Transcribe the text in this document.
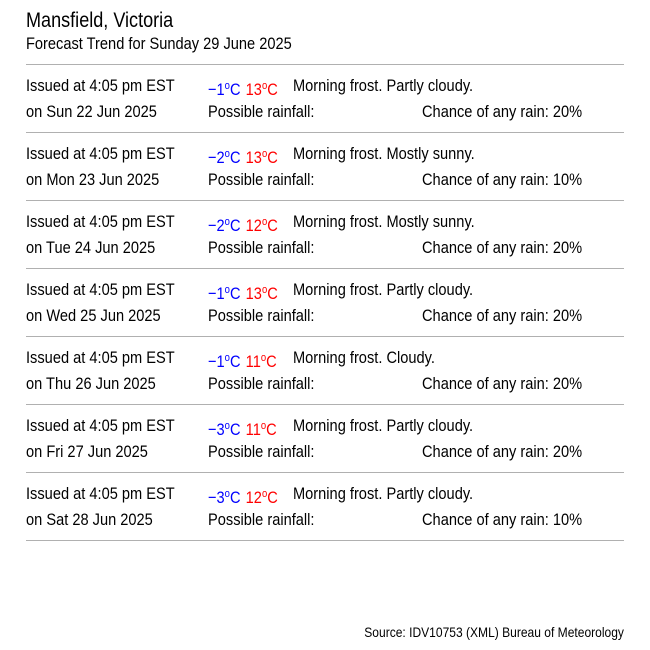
Mansfield, Victoria
Forecast Trend for Sunday 29 June 2025
Issued at 4:05 pm EST	$-1^oC$ 13$^o$C Morning frost. Partly cloudy.
on Sun 22 Jun 2025	Possible rainfall:	Chance of any rain: 20%
Issued at 4:05 pm EST	$-2^oC$ 13$^o$C Morning frost. Mostly sunny.
on Mon 23 Jun 2025	Possible rainfall:	Chance of any rain: 10%
Issued at 4:05 pm EST	$-2^oC$ 12$^o$C Morning frost. Mostly sunny.
on Tue 24 Jun 2025	Possible rainfall:	Chance of any rain: 20%
Issued at 4:05 pm EST	$-1^oC$ 13$^o$C Morning frost. Partly cloudy.
on Wed 25 Jun 2025	Possible rainfall:	Chance of any rain: 20%
Issued at 4:05 pm EST	$-1^oC$ 11$^o$C Morning frost. Cloudy.
on Thu 26 Jun 2025	Possible rainfall:	Chance of any rain: 20%
Issued at 4:05 pm EST	$-3^oC$ 11$^o$C Morning frost. Partly cloudy.
on Fri 27 Jun 2025	Possible rainfall:	Chance of any rain: 20%
Issued at 4:05 pm EST	$-3^oC$ 12$^o$C Morning frost. Partly cloudy.
on Sat 28 Jun 2025	Possible rainfall:	Chance of any rain: 10%
Source: IDV10753 (XML) Bureau of Meteorology
